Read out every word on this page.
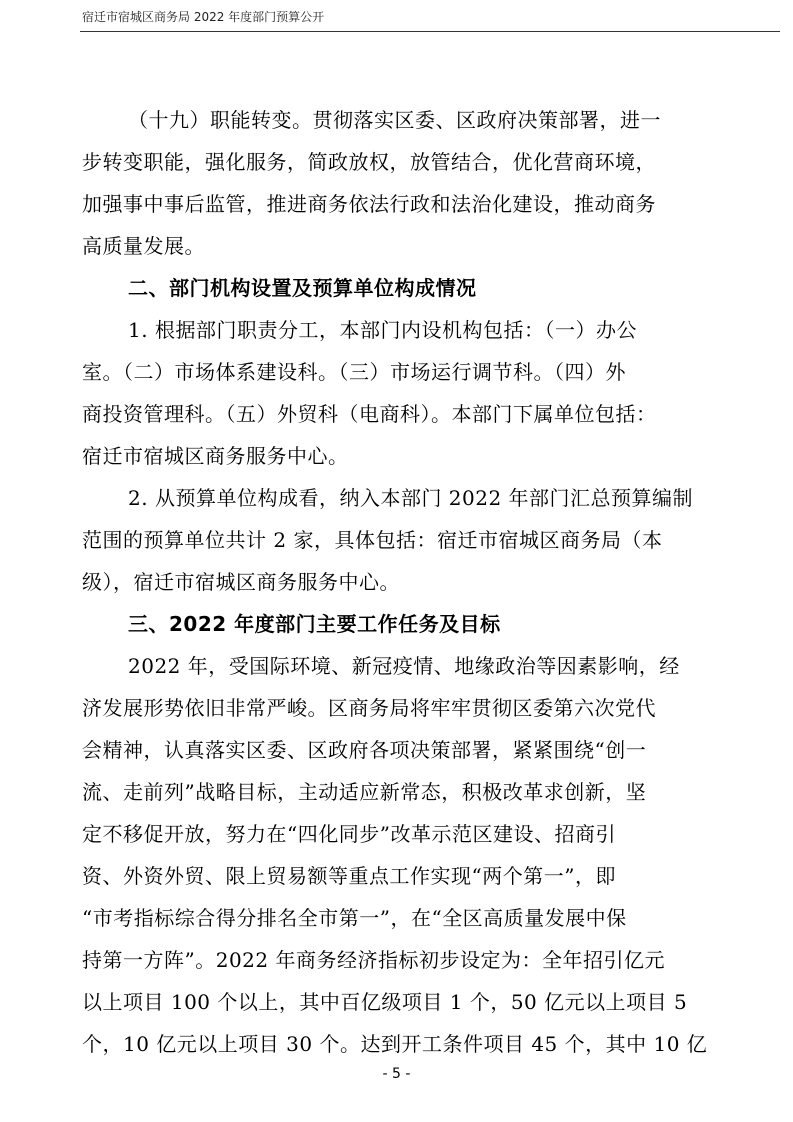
宿迁市宿城区商务局 2022 年度部门预算公开
（十九）职能转变。贯彻落实区委、区政府决策部署，进一
步转变职能，强化服务，简政放权，放管结合，优化营商环境，
加强事中事后监管，推进商务依法行政和法治化建设，推动商务
高质量发展。
二、部门机构设置及预算单位构成情况
1. 根据部门职责分工，本部门内设机构包括：（一）办公
室。（二）市场体系建设科。（三）市场运行调节科。（四）外
商投资管理科。（五）外贸科（电商科）。本部门下属单位包括：
宿迁市宿城区商务服务中心。
2. 从预算单位构成看，纳入本部门 2022 年部门汇总预算编制
范围的预算单位共计 2 家，具体包括：宿迁市宿城区商务局（本
级），宿迁市宿城区商务服务中心。
三、2022 年度部门主要工作任务及目标
2022 年，受国际环境、新冠疫情、地缘政治等因素影响，经
济发展形势依旧非常严峻。区商务局将牢牢贯彻区委第六次党代
会精神，认真落实区委、区政府各项决策部署，紧紧围绕“创一
流、走前列”战略目标，主动适应新常态，积极改革求创新，坚
定不移促开放，努力在“四化同步”改革示范区建设、招商引
资、外资外贸、限上贸易额等重点工作实现“两个第一”，即
“市考指标综合得分排名全市第一”，在“全区高质量发展中保
持第一方阵”。2022 年商务经济指标初步设定为：全年招引亿元
以上项目 100 个以上，其中百亿级项目 1 个，50 亿元以上项目 5
- 5 -
个，10 亿元以上项目 30 个。达到开工条件项目 45 个，其中 10 亿
